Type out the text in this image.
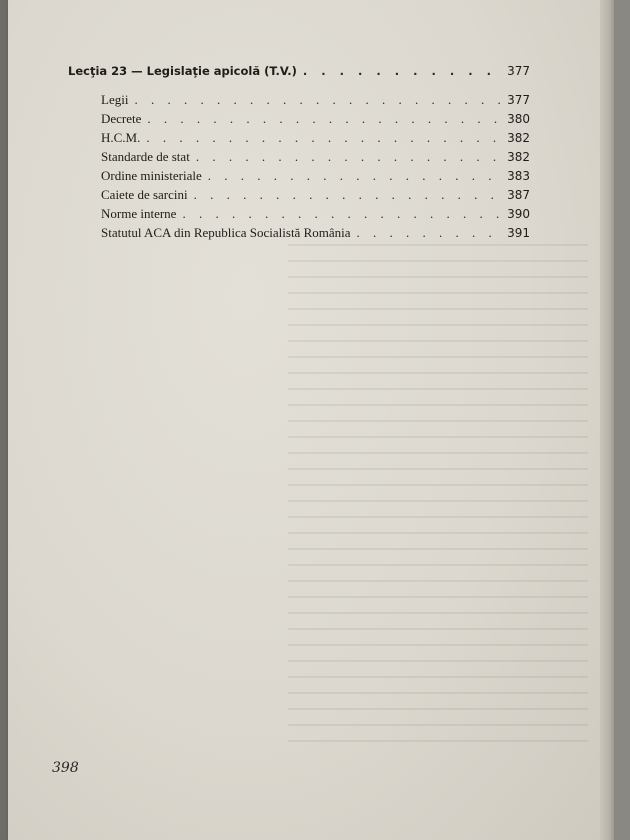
Lecţia 23 — Legislaţie apicolă (T.V.) . . .	377
Legii . . .	377
Decrete . . .	380
H.C.M. . . .	382
Standarde de stat . . .	382
Ordine ministeriale . . .	383
Caiete de sarcini . . .	387
Norme interne . . .	390
Statutul ACA din Republica Socialistă România . . .	391
398
